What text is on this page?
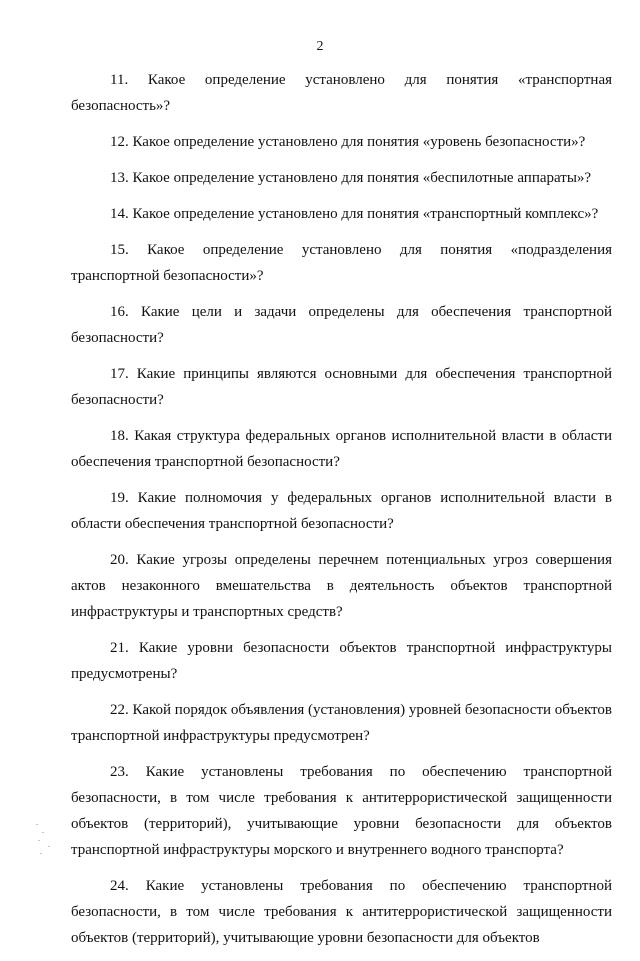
2

11. Какое определение установлено для понятия «транспортная безопасность»?

12. Какое определение установлено для понятия «уровень безопасности»?

13. Какое определение установлено для понятия «беспилотные аппараты»?

14. Какое определение установлено для понятия «транспортный комплекс»?

15. Какое определение установлено для понятия «подразделения транспортной безопасности»?

16. Какие цели и задачи определены для обеспечения транспортной безопасности?

17. Какие принципы являются основными для обеспечения транспортной безопасности?

18. Какая структура федеральных органов исполнительной власти в области обеспечения транспортной безопасности?

19. Какие полномочия у федеральных органов исполнительной власти в области обеспечения транспортной безопасности?

20. Какие угрозы определены перечнем потенциальных угроз совершения актов незаконного вмешательства в деятельность объектов транспортной инфраструктуры и транспортных средств?

21. Какие уровни безопасности объектов транспортной инфраструктуры предусмотрены?

22. Какой порядок объявления (установления) уровней безопасности объектов транспортной инфраструктуры предусмотрен?

23. Какие установлены требования по обеспечению транспортной безопасности, в том числе требования к антитеррористической защищенности объектов (территорий), учитывающие уровни безопасности для объектов транспортной инфраструктуры морского и внутреннего водного транспорта?

24. Какие установлены требования по обеспечению транспортной безопасности, в том числе требования к антитеррористической защищенности объектов (территорий), учитывающие уровни безопасности для объектов
